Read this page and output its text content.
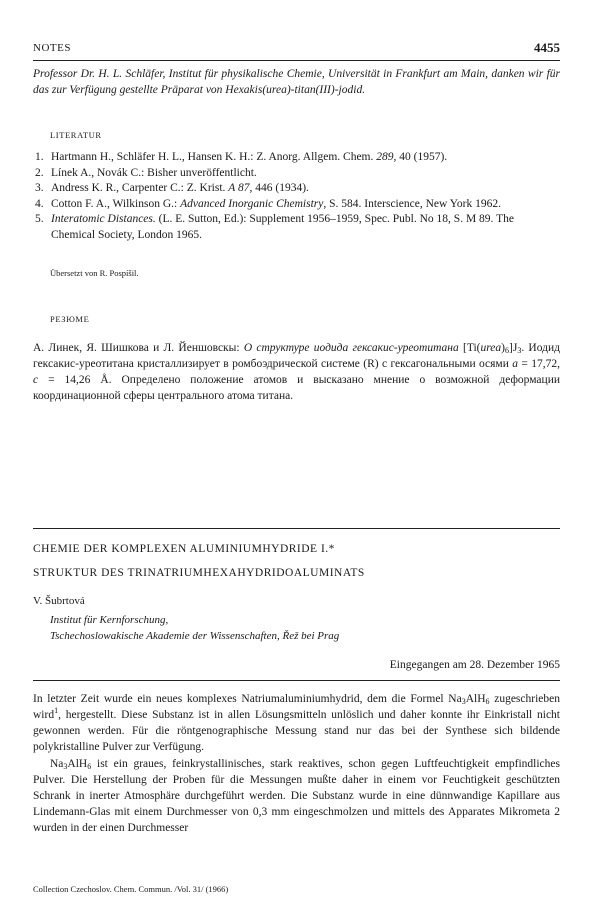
NOTES	4455
Professor Dr. H. L. Schläfer, Institut für physikalische Chemie, Universität in Frankfurt am Main, danken wir für das zur Verfügung gestellte Präparat von Hexakis(urea)-titan(III)-jodid.
LITERATUR

1. Hartmann H., Schläfer H. L., Hansen K. H.: Z. Anorg. Allgem. Chem. 289, 40 (1957).

2. Línek A., Novák C.: Bisher unveröffentlicht.

3. Andress K. R., Carpenter C.: Z. Krist. A 87, 446 (1934).

4. Cotton F. A., Wilkinson G.: Advanced Inorganic Chemistry, S. 584. Interscience, New York 1962.

5. Interatomic Distances. (L. E. Sutton, Ed.): Supplement 1956–1959, Spec. Publ. No 18, S. M 89. The Chemical Society, London 1965.

Übersetzt von R. Pospíšil.
РЕЗЮМЕ
А. Линек, Я. Шишкова и Л. Йеншовскы: О структуре иодида гексакис-уреотитана $[Ti(urea)_6]J_3$. Иодид гексакис-уреотитана кристаллизирует в ромбоэдрической системе (R) с гексагональными осями a = 17,72, c = 14,26 Å. Определено положение атомов и высказано мнение о возможной деформации координационной сферы центрального атома титана.
CHEMIE DER KOMPLEXEN ALUMINIUMHYDRIDE I.*
STRUKTUR DES TRINATRIUMHEXAHYDRIDOALUMINATS
V. Šubrtová
Institut für Kernforschung,
Tschechoslowakische Akademie der Wissenschaften, Řež bei Prag
Eingegangen am 28. Dezember 1965
In letzter Zeit wurde ein neues komplexes Natriumaluminiumhydrid, dem die Formel $Na_3AlH_6$ zugeschrieben wird$^1$, hergestellt. Diese Substanz ist in allen Lösungsmitteln unlöslich und daher konnte ihr Einkristall nicht gewonnen werden. Für die röntgenographische Messung stand nur das bei der Synthese sich bildende polykristalline Pulver zur Verfügung.
$Na_3AlH_6$ ist ein graues, feinkrystallinisches, stark reaktives, schon gegen Luftfeuchtigkeit empfindliches Pulver. Die Herstellung der Proben für die Messungen mußte daher in einem vor Feuchtigkeit geschützten Schrank in inerter Atmosphäre durchgeführt werden. Die Substanz wurde in eine dünnwandige Kapillare aus Lindemann-Glas mit einem Durchmesser von 0,3 mm eingeschmolzen und mittels des Apparates Mikrometa 2 wurden in der einen Durchmesser
Collection Czechoslov. Chem. Commun. /Vol. 31/ (1966)
